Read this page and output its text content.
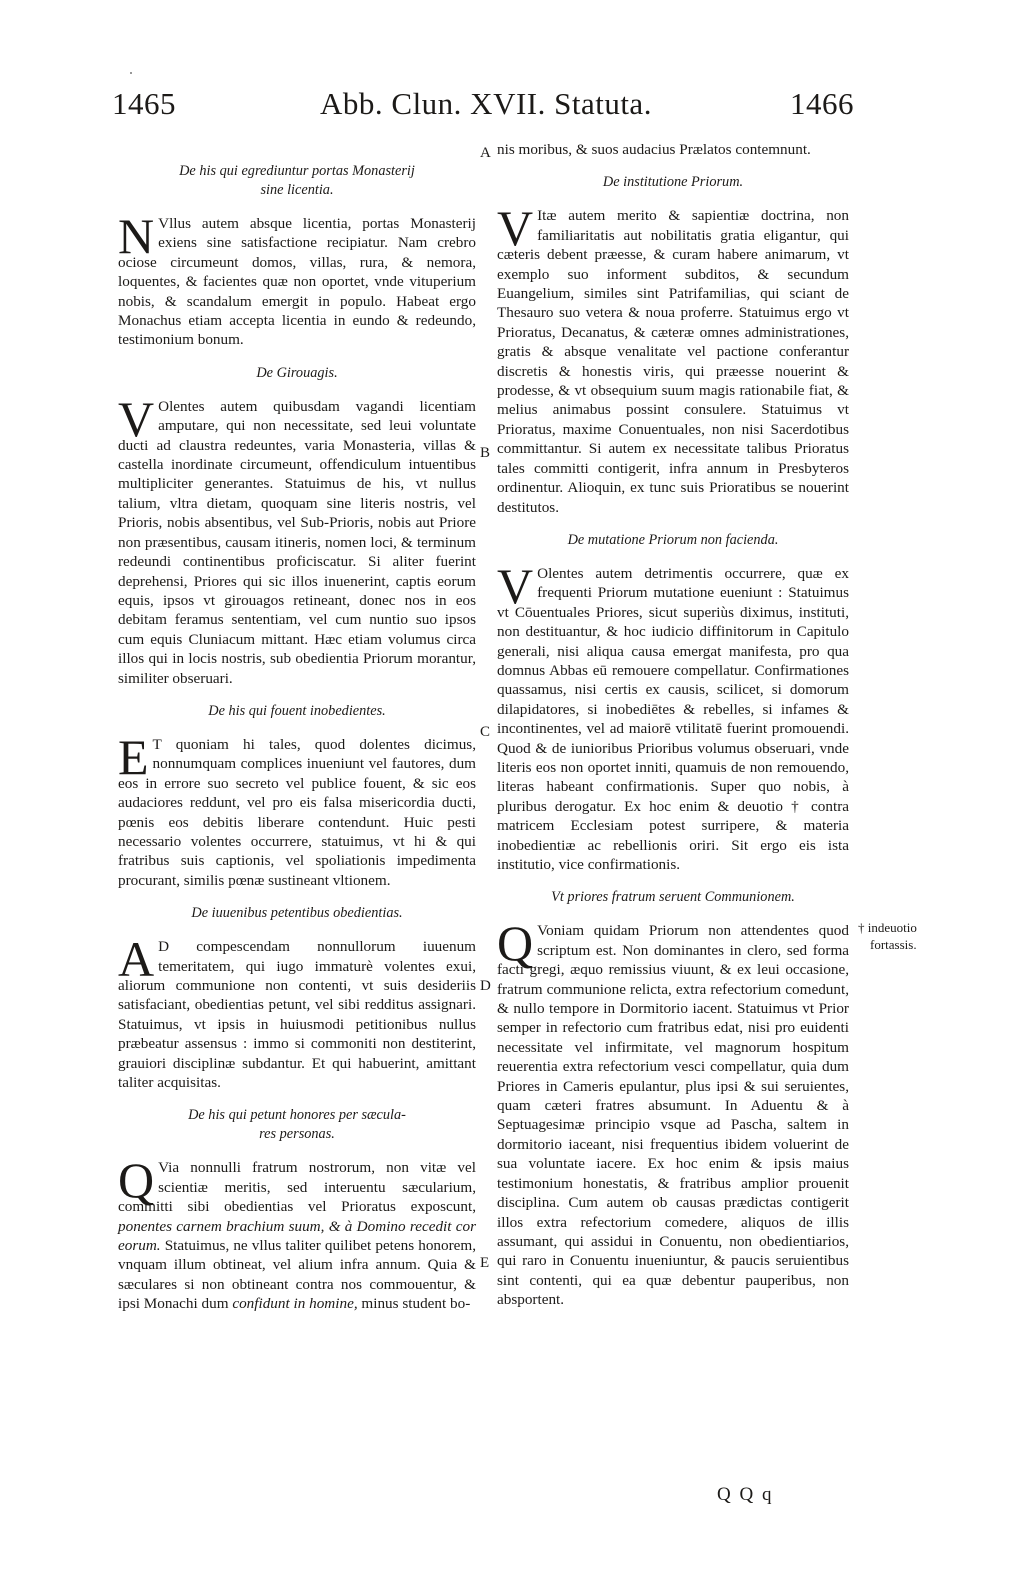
1465	Abb. Clun. XVII. Statuta.	1466

De his qui egrediuntur portas Monasterij
sine licentia.

N Vllus autem absque licentia, portas Monasterij exiens sine satisfactione recipiatur. Nam crebro ociose circumeunt domos, villas, rura, & nemora, loquentes, & facientes quæ non oportet, vnde vituperium nobis, & scandalum emergit in populo. Habeat ergo Monachus etiam accepta licentia in eundo & redeundo, testimonium bonum.

De Girouagis.

V Olentes autem quibusdam vagandi licentiam amputare, qui non necessitate, sed leui voluntate ducti ad claustra redeuntes, varia Monasteria, villas & castella inordinate circumeunt, offendiculum intuentibus multipliciter generantes. Statuimus de his, vt nullus talium, vltra dietam, quoquam sine literis nostris, vel Prioris, nobis absentibus, vel Sub-Prioris, nobis aut Priore non præsentibus, causam itineris, nomen loci, & terminum redeundi continentibus proficiscatur. Si aliter fuerint deprehensi, Priores qui sic illos inuenerint, captis eorum equis, ipsos vt girouagos retineant, donec nos in eos debitam feramus sententiam, vel cum nuntio suo ipsos cum equis Cluniacum mittant. Hæc etiam volumus circa illos qui in locis nostris, sub obedientia Priorum morantur, similiter obseruari.

De his qui fouent inobedientes.

E T quoniam hi tales, quod dolentes dicimus, nonnumquam complices inueniunt vel fautores, dum eos in errore suo secreto vel publice fouent, & sic eos audaciores reddunt, vel pro eis falsa misericordia ducti, pœnis eos debitis liberare contendunt. Huic pesti necessario volentes occurrere, statuimus, vt hi & qui fratribus suis captionis, vel spoliationis impedimenta procurant, similis pœnæ sustineant vltionem.

De iuuenibus petentibus obedientias.

A D compescendam nonnullorum iuuenum temeritatem, qui iugo immaturè volentes exui, aliorum communione non contenti, vt suis desideriis satisfaciant, obedientias petunt, vel sibi redditus assignari. Statuimus, vt ipsis in huiusmodi petitionibus nullus præbeatur assensus : immo si commoniti non destiterint, grauiori disciplinæ subdantur. Et qui habuerint, amittant taliter acquisitas.

De his qui petunt honores per sæcula-
res personas.

Q Via nonnulli fratrum nostrorum, non vitæ vel scientiæ meritis, sed interuentu sæcularium, committi sibi obedientias vel Prioratus exposcunt, ponentes carnem brachium suum, & à Domino recedit cor eorum. Statuimus, ne vllus taliter quilibet petens honorem, vnquam illum obtineat, vel alium infra annum. Quia & sæculares si non obtineant contra nos commouentur, & ipsi Monachi dum confidunt in homine, minus student bo-

nis moribus, & suos audacius Prælatos contemnunt.

De institutione Priorum.

V Itæ autem merito & sapientiæ doctrina, non familiaritatis aut nobilitatis gratia eligantur, qui cæteris debent præesse, & curam habere animarum, vt exemplo suo informent subditos, & secundum Euangelium, similes sint Patrifamilias, qui sciant de Thesauro suo vetera & noua proferre. Statuimus ergo vt Prioratus, Decanatus, & cæteræ omnes administrationes, gratis & absque venalitate vel pactione conferantur discretis & honestis viris, qui præesse nouerint & prodesse, & vt obsequium suum magis rationabile fiat, & melius animabus possint consulere. Statuimus vt Prioratus, maxime Conuentuales, non nisi Sacerdotibus committantur. Si autem ex necessitate talibus Prioratus tales committi contigerit, infra annum in Presbyteros ordinentur. Alioquin, ex tunc suis Prioratibus se nouerint destitutos.

De mutatione Priorum non facienda.

V Olentes autem detrimentis occurrere, quæ ex frequenti Priorum mutatione eueniunt : Statuimus vt Cōuentuales Priores, sicut superiùs diximus, instituti, non destituantur, & hoc iudicio diffinitorum in Capitulo generali, nisi aliqua causa emergat manifesta, pro qua domnus Abbas eū remouere compellatur. Confirmationes quassamus, nisi certis ex causis, scilicet, si domorum dilapidatores, si inobediētes & rebelles, si infames & incontinentes, vel ad maiorē vtilitatē fuerint promouendi. Quod & de iunioribus Prioribus volumus obseruari, vnde literis eos non oportet inniti, quamuis de non remouendo, literas habeant confirmationis. Super quo nobis, à pluribus derogatur. Ex hoc enim & deuotio † contra matricem Ecclesiam potest surripere, & materia inobedientiæ ac rebellionis oriri. Sit ergo eis ista institutio, vice confirmationis.

Vt priores fratrum seruent Communionem.

Q Voniam quidam Priorum non attendentes quod scriptum est. Non dominantes in clero, sed forma facti gregi, æquo remissius viuunt, & ex leui occasione, fratrum communione relicta, extra refectorium comedunt, & nullo tempore in Dormitorio iacent. Statuimus vt Prior semper in refectorio cum fratribus edat, nisi pro euidenti necessitate vel infirmitate, vel magnorum hospitum reuerentia extra refectorium vesci compellatur, quia dum Priores in Cameris epulantur, plus ipsi & sui seruientes, quam cæteri fratres absumunt. In Aduentu & à Septuagesimæ principio vsque ad Pascha, saltem in dormitorio iaceant, nisi frequentius ibidem voluerint de sua voluntate iacere. Ex hoc enim & ipsis maius testimonium honestatis, & fratribus amplior prouenit disciplina. Cum autem ob causas prædictas contigerit illos extra refectorium comedere, aliquos de illis assumant, qui assidui in Conuentu, non obedientiarios, qui raro in Conuentu inueniuntur, & paucis seruientibus sint contenti, qui ea quæ debentur pauperibus, non absportent.

A
B
C
D
E
† indeuotio
fortassis.
Q Q q
